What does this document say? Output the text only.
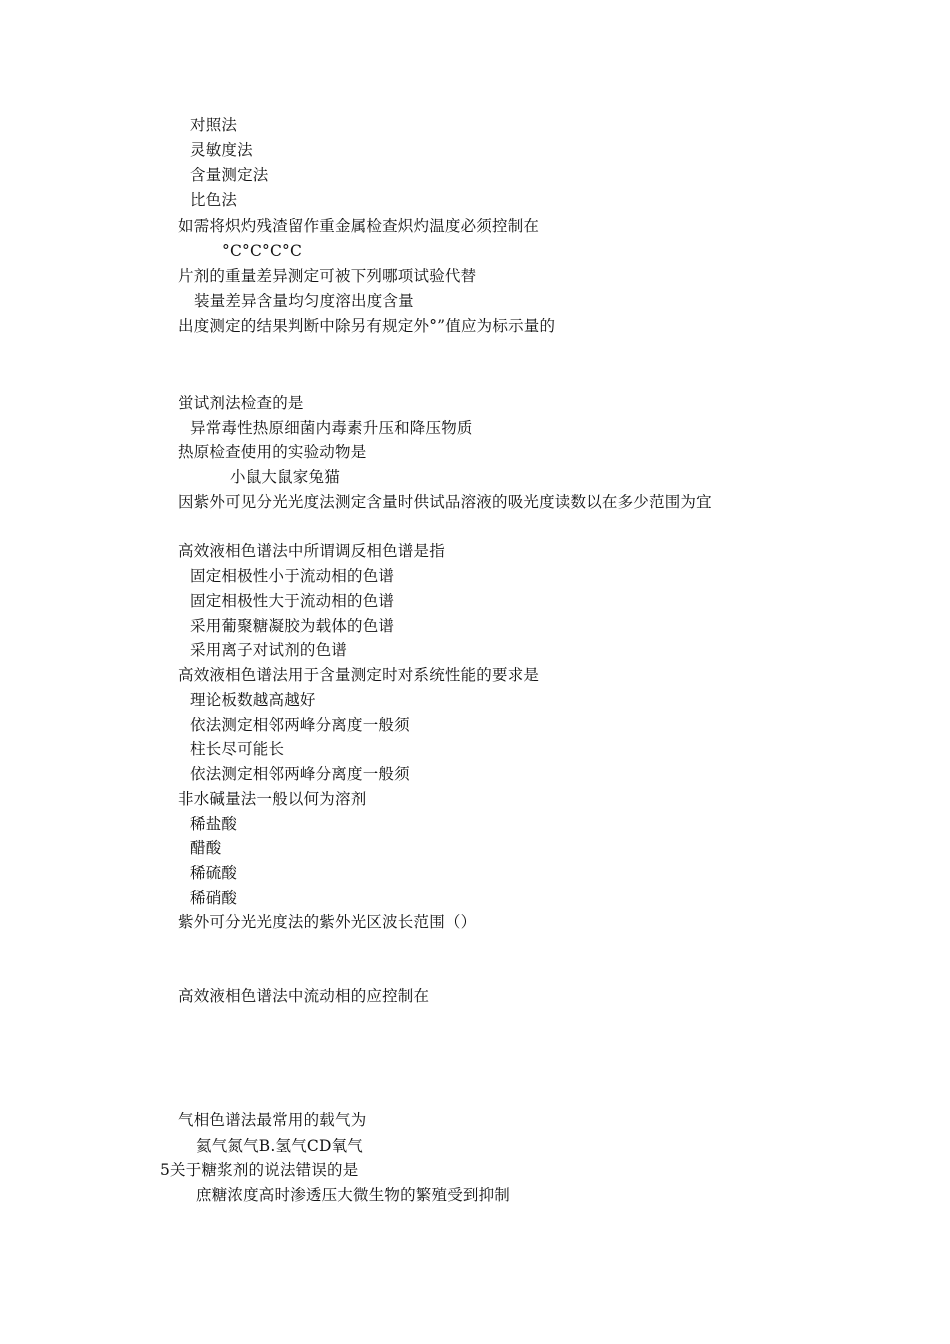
对照法
灵敏度法
含量测定法
比色法
如需将炽灼残渣留作重金属检查炽灼温度必须控制在
°C°C°C°C
片剂的重量差异测定可被下列哪项试验代替
装量差异含量均匀度溶出度含量
出度测定的结果判断中除另有规定外°”值应为标示量的
蛍试剂法检查的是
异常毒性热原细菌内毒素升压和降压物质
热原检查使用的实验动物是
小鼠大鼠家兔猫
因紫外可见分光光度法测定含量时供试品溶液的吸光度读数以在多少范围为宜
高效液相色谱法中所谓调反相色谱是指
固定相极性小于流动相的色谱
固定相极性大于流动相的色谱
采用葡聚糖凝胶为载体的色谱
采用离子对试剂的色谱
高效液相色谱法用于含量测定时对系统性能的要求是
理论板数越高越好
依法测定相邻两峰分离度一般须
柱长尽可能长
依法测定相邻两峰分离度一般须
非水碱量法一般以何为溶剂
稀盐酸
醋酸
稀硫酸
稀硝酸
紫外可分光光度法的紫外光区波长范围（）
高效液相色谱法中流动相的应控制在
气相色谱法最常用的载气为
氦气氮气B.氢气CD氧气
5关于糖浆剂的说法错误的是
庶糖浓度高时渗透压大微生物的繁殖受到抑制
